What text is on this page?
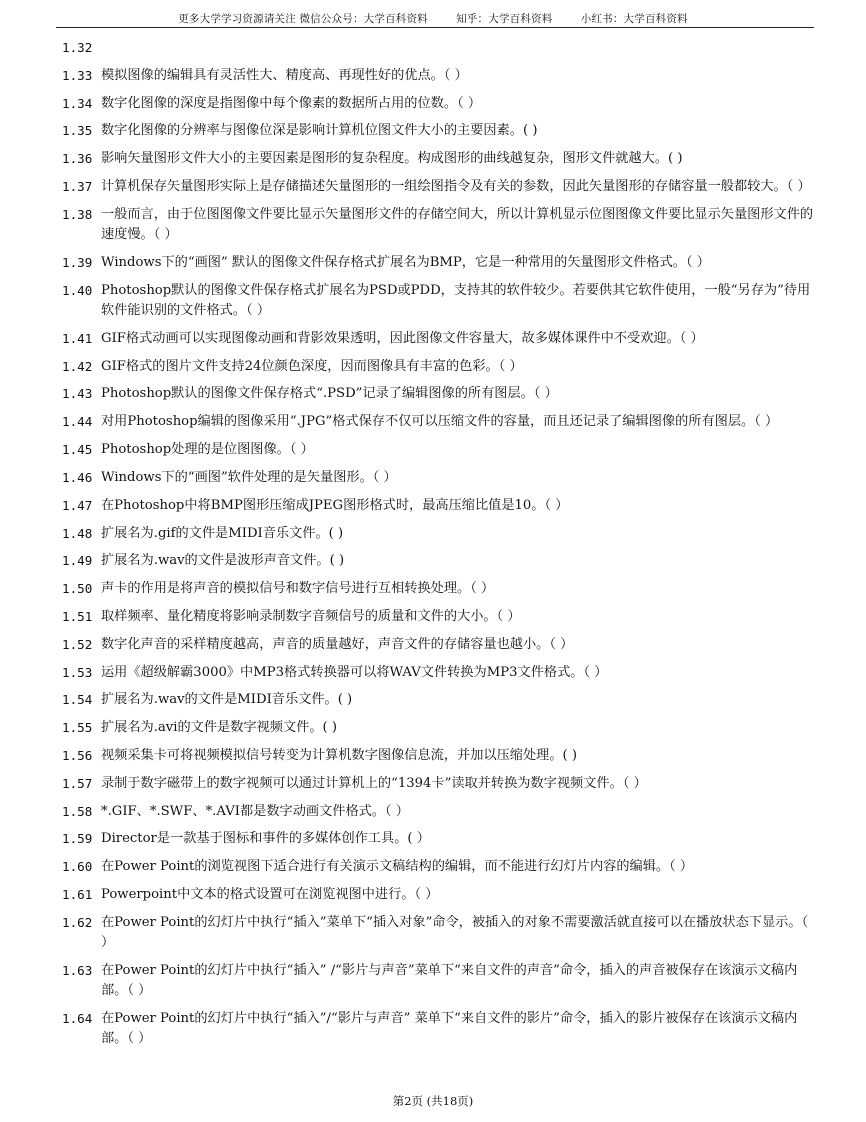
更多大学学习资源请关注 微信公众号：大学百科资料        知乎：大学百科资料        小红书：大学百科资料
1.32
1.33 模拟图像的编辑具有灵活性大、精度高、再现性好的优点。（ ）
1.34 数字化图像的深度是指图像中每个像素的数据所占用的位数。（ ）
1.35 数字化图像的分辨率与图像位深是影响计算机位图文件大小的主要因素。( )
1.36 影响矢量图形文件大小的主要因素是图形的复杂程度。构成图形的曲线越复杂，图形文件就越大。( )
1.37 计算机保存矢量图形实际上是存储描述矢量图形的一组绘图指令及有关的参数，因此矢量图形的存储容量一般都较大。（ ）
1.38 一般而言，由于位图图像文件要比显示矢量图形文件的存储空间大，所以计算机显示位图图像文件要比显示矢量图形文件的速度慢。（ ）
1.39 Windows下的“画图” 默认的图像文件保存格式扩展名为BMP，它是一种常用的矢量图形文件格式。（ ）
1.40 Photoshop默认的图像文件保存格式扩展名为PSD或PDD，支持其的软件较少。若要供其它软件使用，一般“另存为”待用软件能识别的文件格式。（ ）
1.41 GIF格式动画可以实现图像动画和背影效果透明，因此图像文件容量大，故多媒体课件中不受欢迎。（ ）
1.42 GIF格式的图片文件支持24位颜色深度，因而图像具有丰富的色彩。（ ）
1.43 Photoshop默认的图像文件保存格式“.PSD”记录了编辑图像的所有图层。（ ）
1.44 对用Photoshop编辑的图像采用“.JPG”格式保存不仅可以压缩文件的容量，而且还记录了编辑图像的所有图层。（ ）
1.45 Photoshop处理的是位图图像。（ ）
1.46 Windows下的“画图”软件处理的是矢量图形。（ ）
1.47 在Photoshop中将BMP图形压缩成JPEG图形格式时，最高压缩比值是10。（ ）
1.48 扩展名为.gif的文件是MIDI音乐文件。( )
1.49 扩展名为.wav的文件是波形声音文件。( )
1.50 声卡的作用是将声音的模拟信号和数字信号进行互相转换处理。（ ）
1.51 取样频率、量化精度将影响录制数字音频信号的质量和文件的大小。（ ）
1.52 数字化声音的采样精度越高，声音的质量越好，声音文件的存储容量也越小。（ ）
1.53 运用《超级解霸3000》中MP3格式转换器可以将WAV文件转换为MP3文件格式。（ ）
1.54 扩展名为.wav的文件是MIDI音乐文件。( )
1.55 扩展名为.avi的文件是数字视频文件。( )
1.56 视频采集卡可将视频模拟信号转变为计算机数字图像信息流，并加以压缩处理。( )
1.57 录制于数字磁带上的数字视频可以通过计算机上的“1394卡”读取并转换为数字视频文件。（ ）
1.58 *.GIF、*.SWF、*.AVI都是数字动画文件格式。（ ）
1.59 Director是一款基于图标和事件的多媒体创作工具。( ）
1.60 在Power Point的浏览视图下适合进行有关演示文稿结构的编辑，而不能进行幻灯片内容的编辑。（ ）
1.61 Powerpoint中文本的格式设置可在浏览视图中进行。（ ）
1.62 在Power Point的幻灯片中执行“插入”菜单下“插入对象”命令，被插入的对象不需要激活就直接可以在播放状态下显示。（ ）
1.63 在Power Point的幻灯片中执行“插入” /“影片与声音”菜单下“来自文件的声音”命令，插入的声音被保存在该演示文稿内部。（ ）
1.64 在Power Point的幻灯片中执行“插入”/“影片与声音” 菜单下“来自文件的影片”命令，插入的影片被保存在该演示文稿内部。（ ）
第2页 (共18页)
